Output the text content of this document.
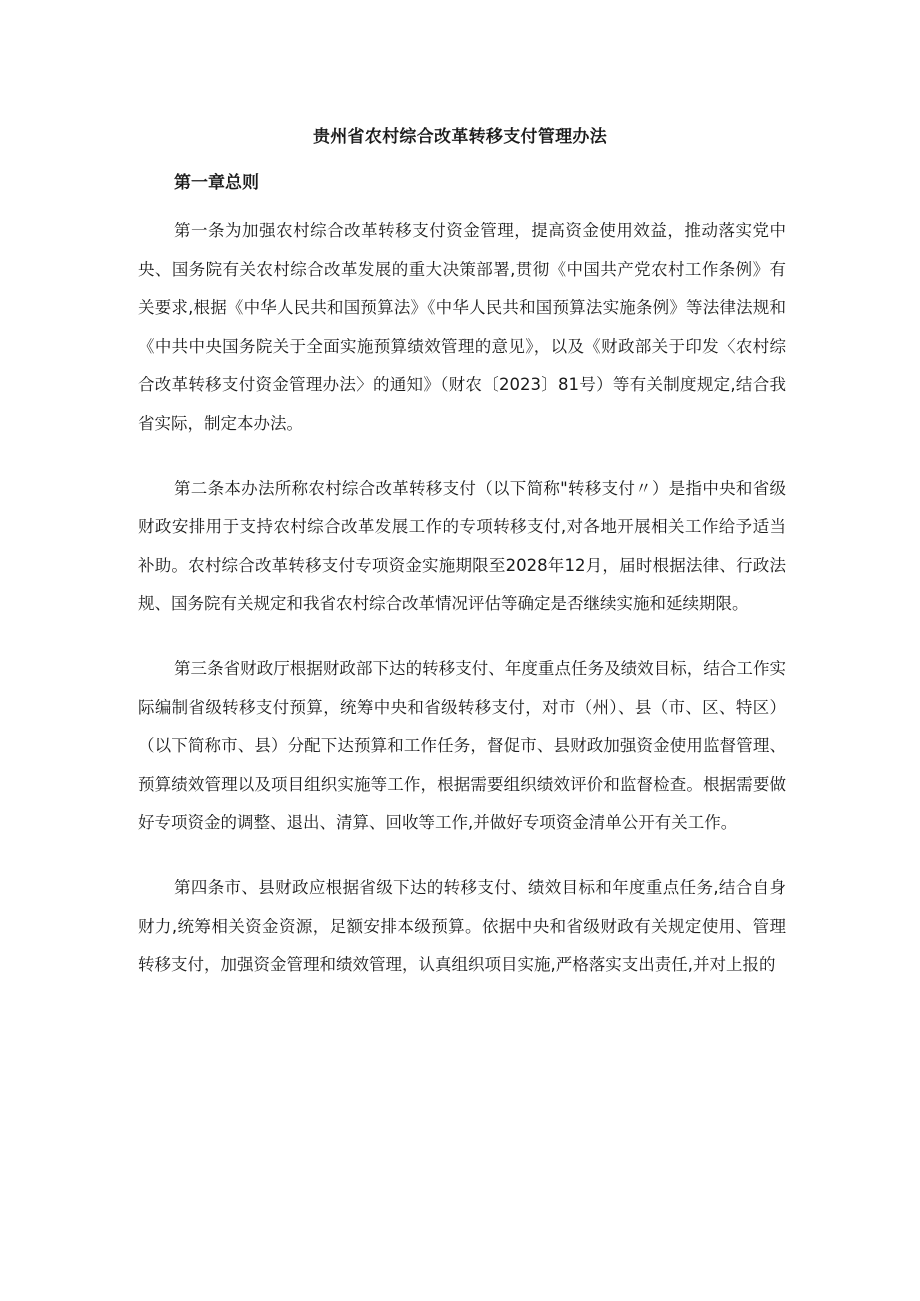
贵州省农村综合改革转移支付管理办法
第一章总则

第一条为加强农村综合改革转移支付资金管理，提高资金使用效益，推动落实党中央、国务院有关农村综合改革发展的重大决策部署,贯彻《中国共产党农村工作条例》有关要求,根据《中华人民共和国预算法》《中华人民共和国预算法实施条例》等法律法规和《中共中央国务院关于全面实施预算绩效管理的意见》，以及《财政部关于印发〈农村综合改革转移支付资金管理办法〉的通知》（财农〔2023〕81号）等有关制度规定,结合我省实际，制定本办法。

第二条本办法所称农村综合改革转移支付（以下简称"转移支付〃）是指中央和省级财政安排用于支持农村综合改革发展工作的专项转移支付,对各地开展相关工作给予适当补助。农村综合改革转移支付专项资金实施期限至2028年12月，届时根据法律、行政法规、国务院有关规定和我省农村综合改革情况评估等确定是否继续实施和延续期限。

第三条省财政厅根据财政部下达的转移支付、年度重点任务及绩效目标，结合工作实际编制省级转移支付预算，统筹中央和省级转移支付，对市（州）、县（市、区、特区）（以下简称市、县）分配下达预算和工作任务，督促市、县财政加强资金使用监督管理、预算绩效管理以及项目组织实施等工作，根据需要组织绩效评价和监督检查。根据需要做好专项资金的调整、退出、清算、回收等工作,并做好专项资金清单公开有关工作。

第四条市、县财政应根据省级下达的转移支付、绩效目标和年度重点任务,结合自身财力,统筹相关资金资源，足额安排本级预算。依据中央和省级财政有关规定使用、管理转移支付，加强资金管理和绩效管理，认真组织项目实施,严格落实支出责任,并对上报的
